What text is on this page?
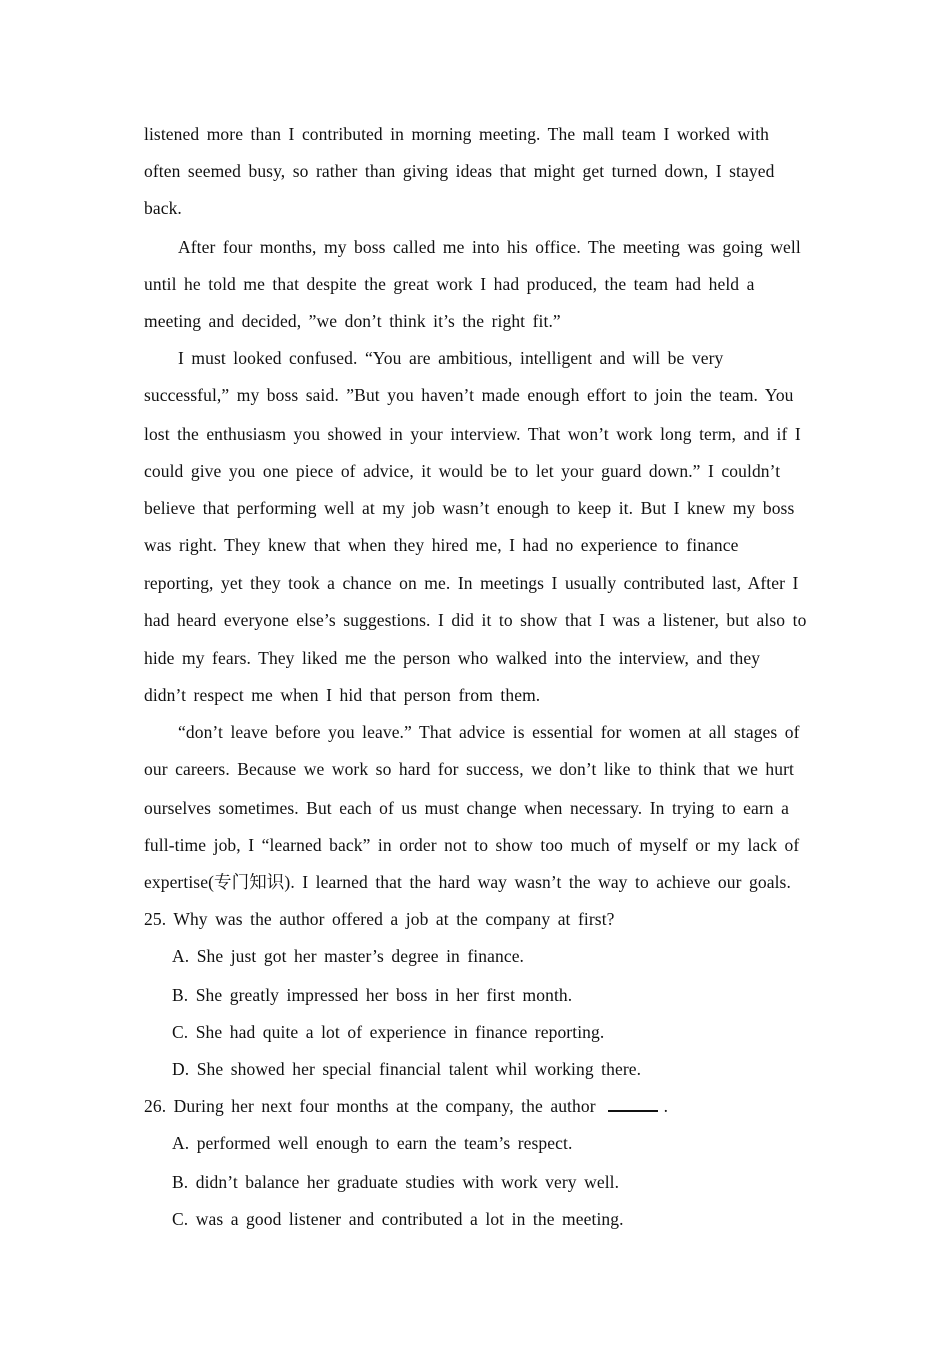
listened more than I contributed in morning meeting. The mall team I worked with
often seemed busy, so rather than giving ideas that might get turned down, I stayed
back.
After four months, my boss called me into his office. The meeting was going well
until he told me that despite the great work I had produced, the team had held a
meeting and decided, ”we don’t think it’s the right fit.”
I must looked confused. “You are ambitious, intelligent and will be very
successful,” my boss said. ”But you haven’t made enough effort to join the team. You
lost the enthusiasm you showed in your interview. That won’t work long term, and if I
could give you one piece of advice, it would be to let your guard down.” I couldn’t
believe that performing well at my job wasn’t enough to keep it. But I knew my boss
was right. They knew that when they hired me, I had no experience to finance
reporting, yet they took a chance on me. In meetings I usually contributed last, After I
had heard everyone else’s suggestions. I did it to show that I was a listener, but also to
hide my fears. They liked me the person who walked into the interview, and they
didn’t respect me when I hid that person from them.
“don’t leave before you leave.” That advice is essential for women at all stages of
our careers. Because we work so hard for success, we don’t like to think that we hurt
ourselves sometimes. But each of us must change when necessary. In trying to earn a
full-time job, I “learned back” in order not to show too much of myself or my lack of
expertise(专门知识). I learned that the hard way wasn’t the way to achieve our goals.
25. Why was the author offered a job at the company at first?
A. She just got her master’s degree in finance.
B. She greatly impressed her boss in her first month.
C. She had quite a lot of experience in finance reporting.
D. She showed her special financial talent whil working there.
26. During her next four months at the company, the author	.
A. performed well enough to earn the team’s respect.
B. didn’t balance her graduate studies with work very well.
C. was a good listener and contributed a lot in the meeting.
